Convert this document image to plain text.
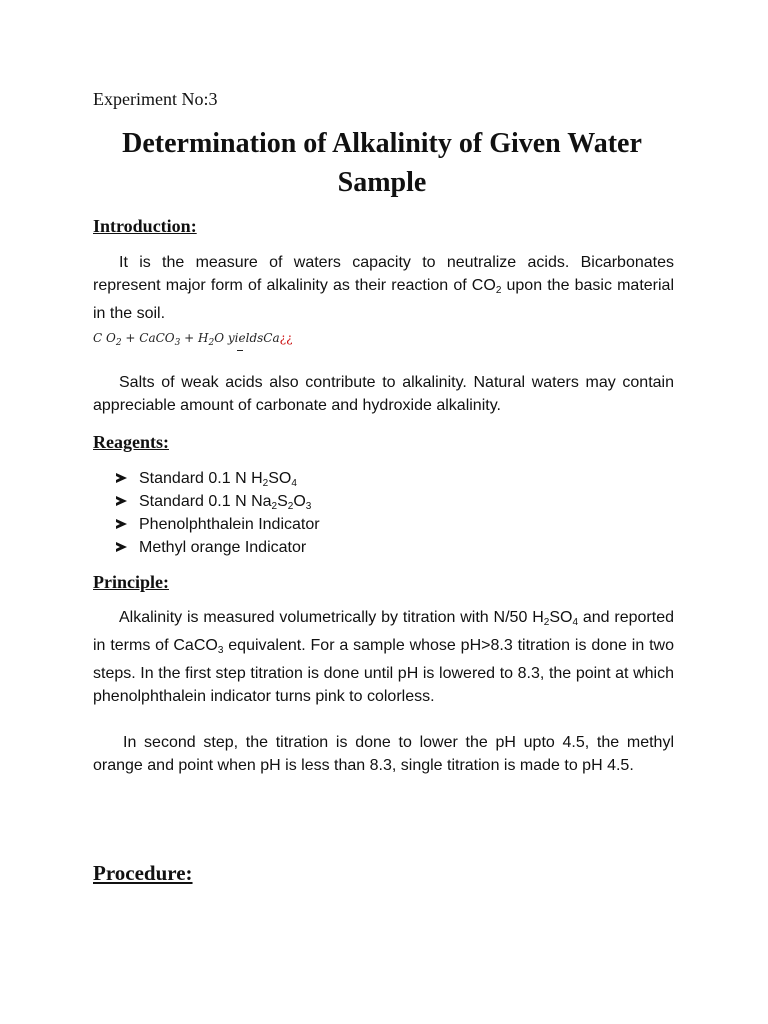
Experiment No:3
Determination of Alkalinity of Given Water Sample
Introduction:

It is the measure of waters capacity to neutralize acids. Bicarbonates represent major form of alkalinity as their reaction of $CO_2$ upon the basic material in the soil.

C $O_2$ + CaCO$_3$ + $H_2O$ yieldsCa¿¿

Salts of weak acids also contribute to alkalinity. Natural waters may contain appreciable amount of carbonate and hydroxide alkalinity.

Reagents:
Standard 0.1 N $H_2SO_4$
Standard 0.1 N $Na_2S_2O_3$
Phenolphthalein Indicator
Methyl orange Indicator
Principle:

Alkalinity is measured volumetrically by titration with N/50 $H_2SO_4$ and reported in terms of CaCO$_3$ equivalent. For a sample whose pH>8.3 titration is done in two steps. In the first step titration is done until pH is lowered to 8.3, the point at which phenolphthalein indicator turns pink to colorless.

In second step, the titration is done to lower the pH upto 4.5, the methyl orange and point when pH is less than 8.3, single titration is made to pH 4.5.

Procedure:
